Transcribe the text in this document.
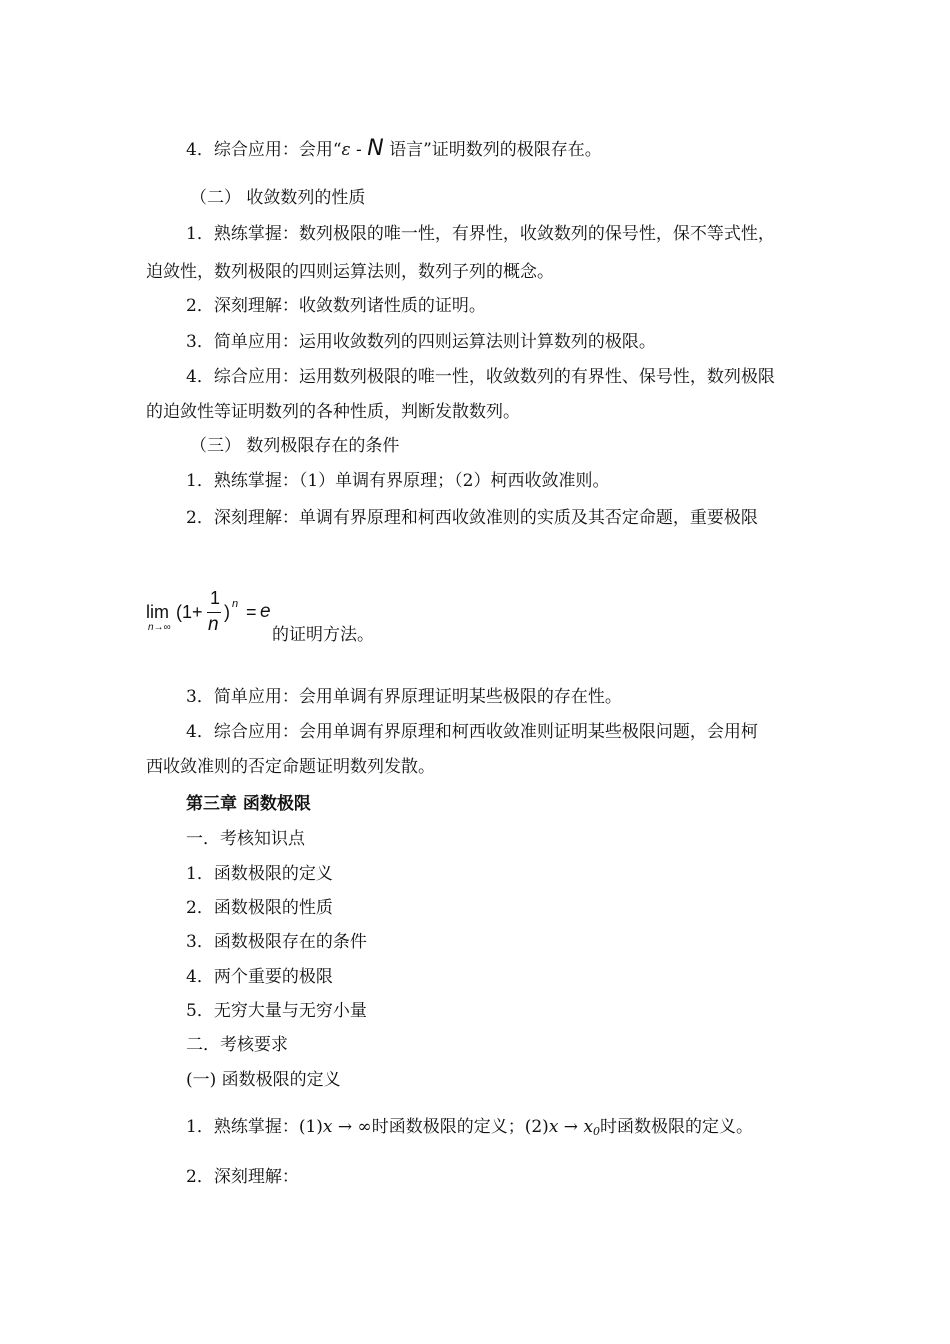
4．综合应用：会用“ε - N 语言”证明数列的极限存在。
（二） 收敛数列的性质
1．熟练掌握：数列极限的唯一性，有界性，收敛数列的保号性，保不等式性，
迫敛性，数列极限的四则运算法则，数列子列的概念。
2．深刻理解：收敛数列诸性质的证明。
3．简单应用：运用收敛数列的四则运算法则计算数列的极限。
4．综合应用：运用数列极限的唯一性，收敛数列的有界性、保号性，数列极限
的迫敛性等证明数列的各种性质，判断发散数列。
（三） 数列极限存在的条件
1．熟练掌握：（1）单调有界原理；（2）柯西收敛准则。
2．深刻理解：单调有界原理和柯西收敛准则的实质及其否定命题，重要极限
lim
n→∞
(1+
1
n
) n = e
的证明方法。
3．简单应用：会用单调有界原理证明某些极限的存在性。
4．综合应用：会用单调有界原理和柯西收敛准则证明某些极限问题，会用柯
西收敛准则的否定命题证明数列发散。
第三章 函数极限
一．考核知识点
1．函数极限的定义
2．函数极限的性质
3．函数极限存在的条件
4．两个重要的极限
5．无穷大量与无穷小量
二．考核要求
(一) 函数极限的定义
1．熟练掌握：(1)x → ∞时函数极限的定义；(2)x → x0时函数极限的定义。
2．深刻理解：
